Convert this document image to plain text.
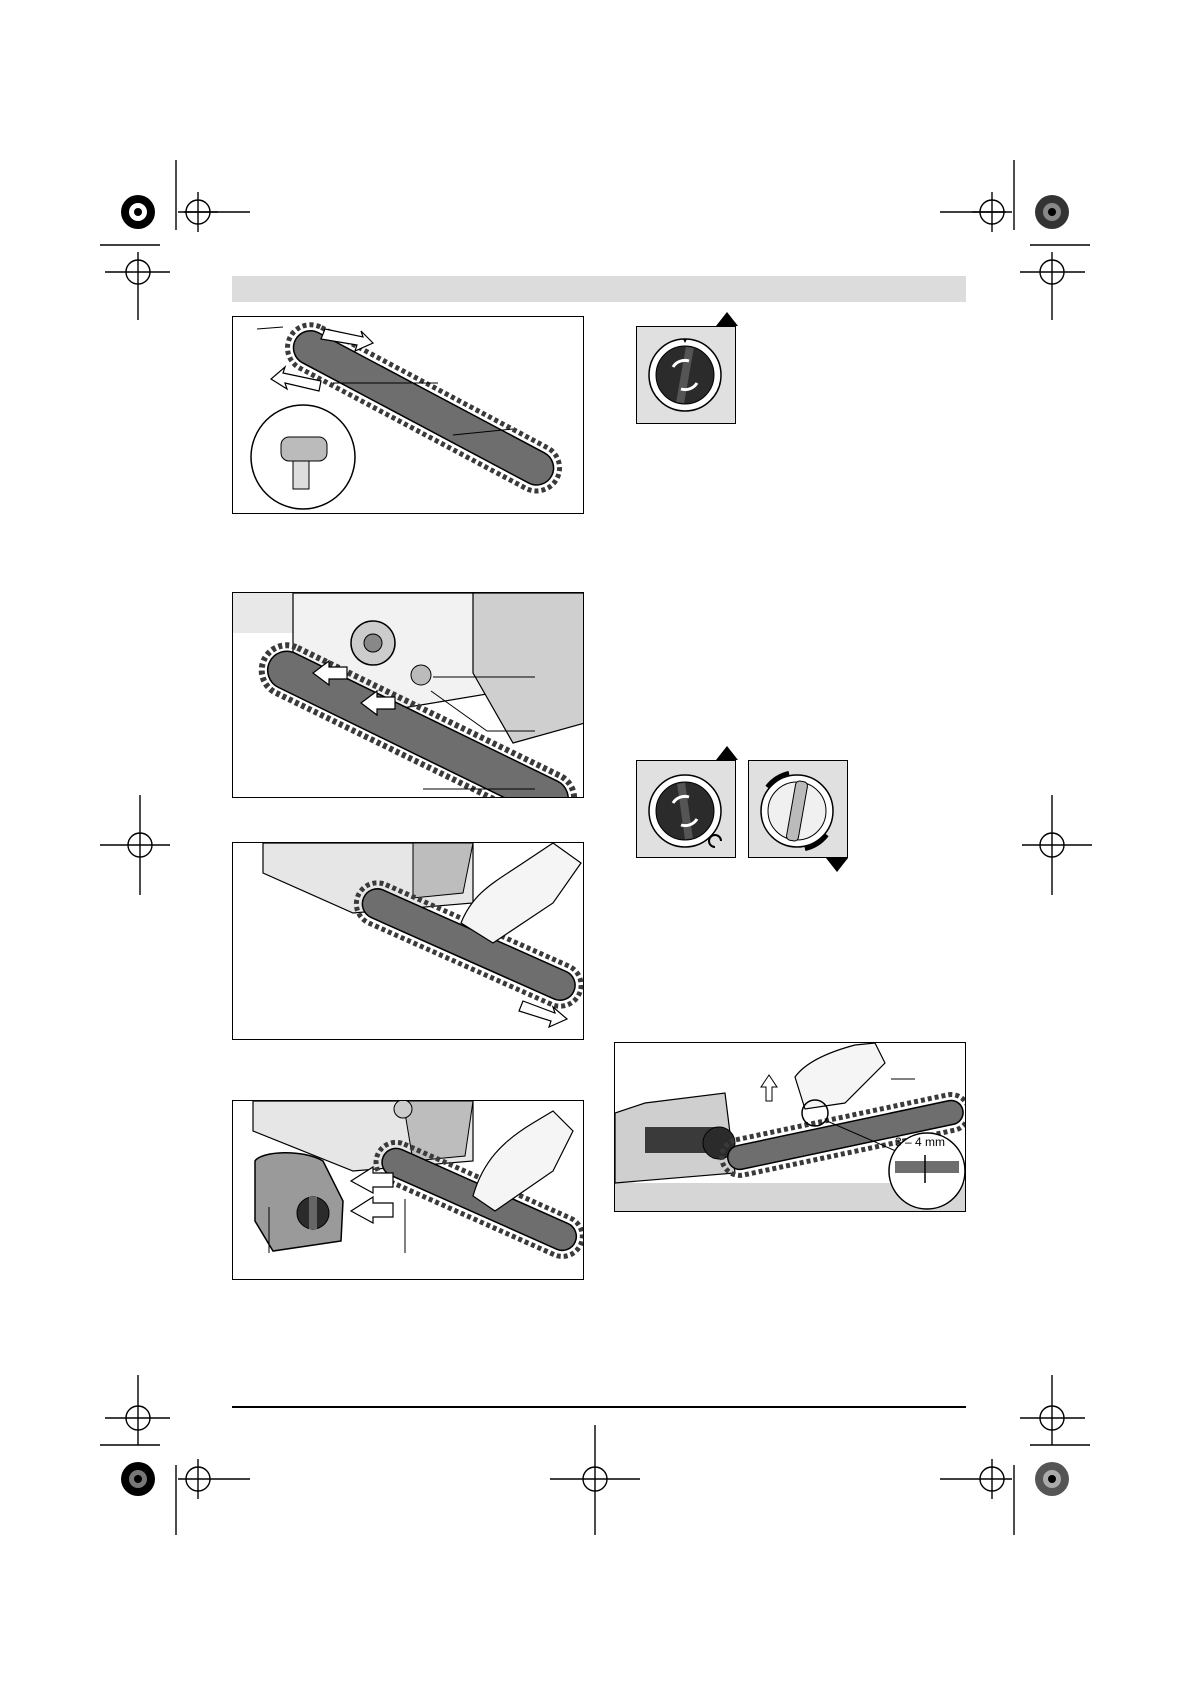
3 – 4 mm
